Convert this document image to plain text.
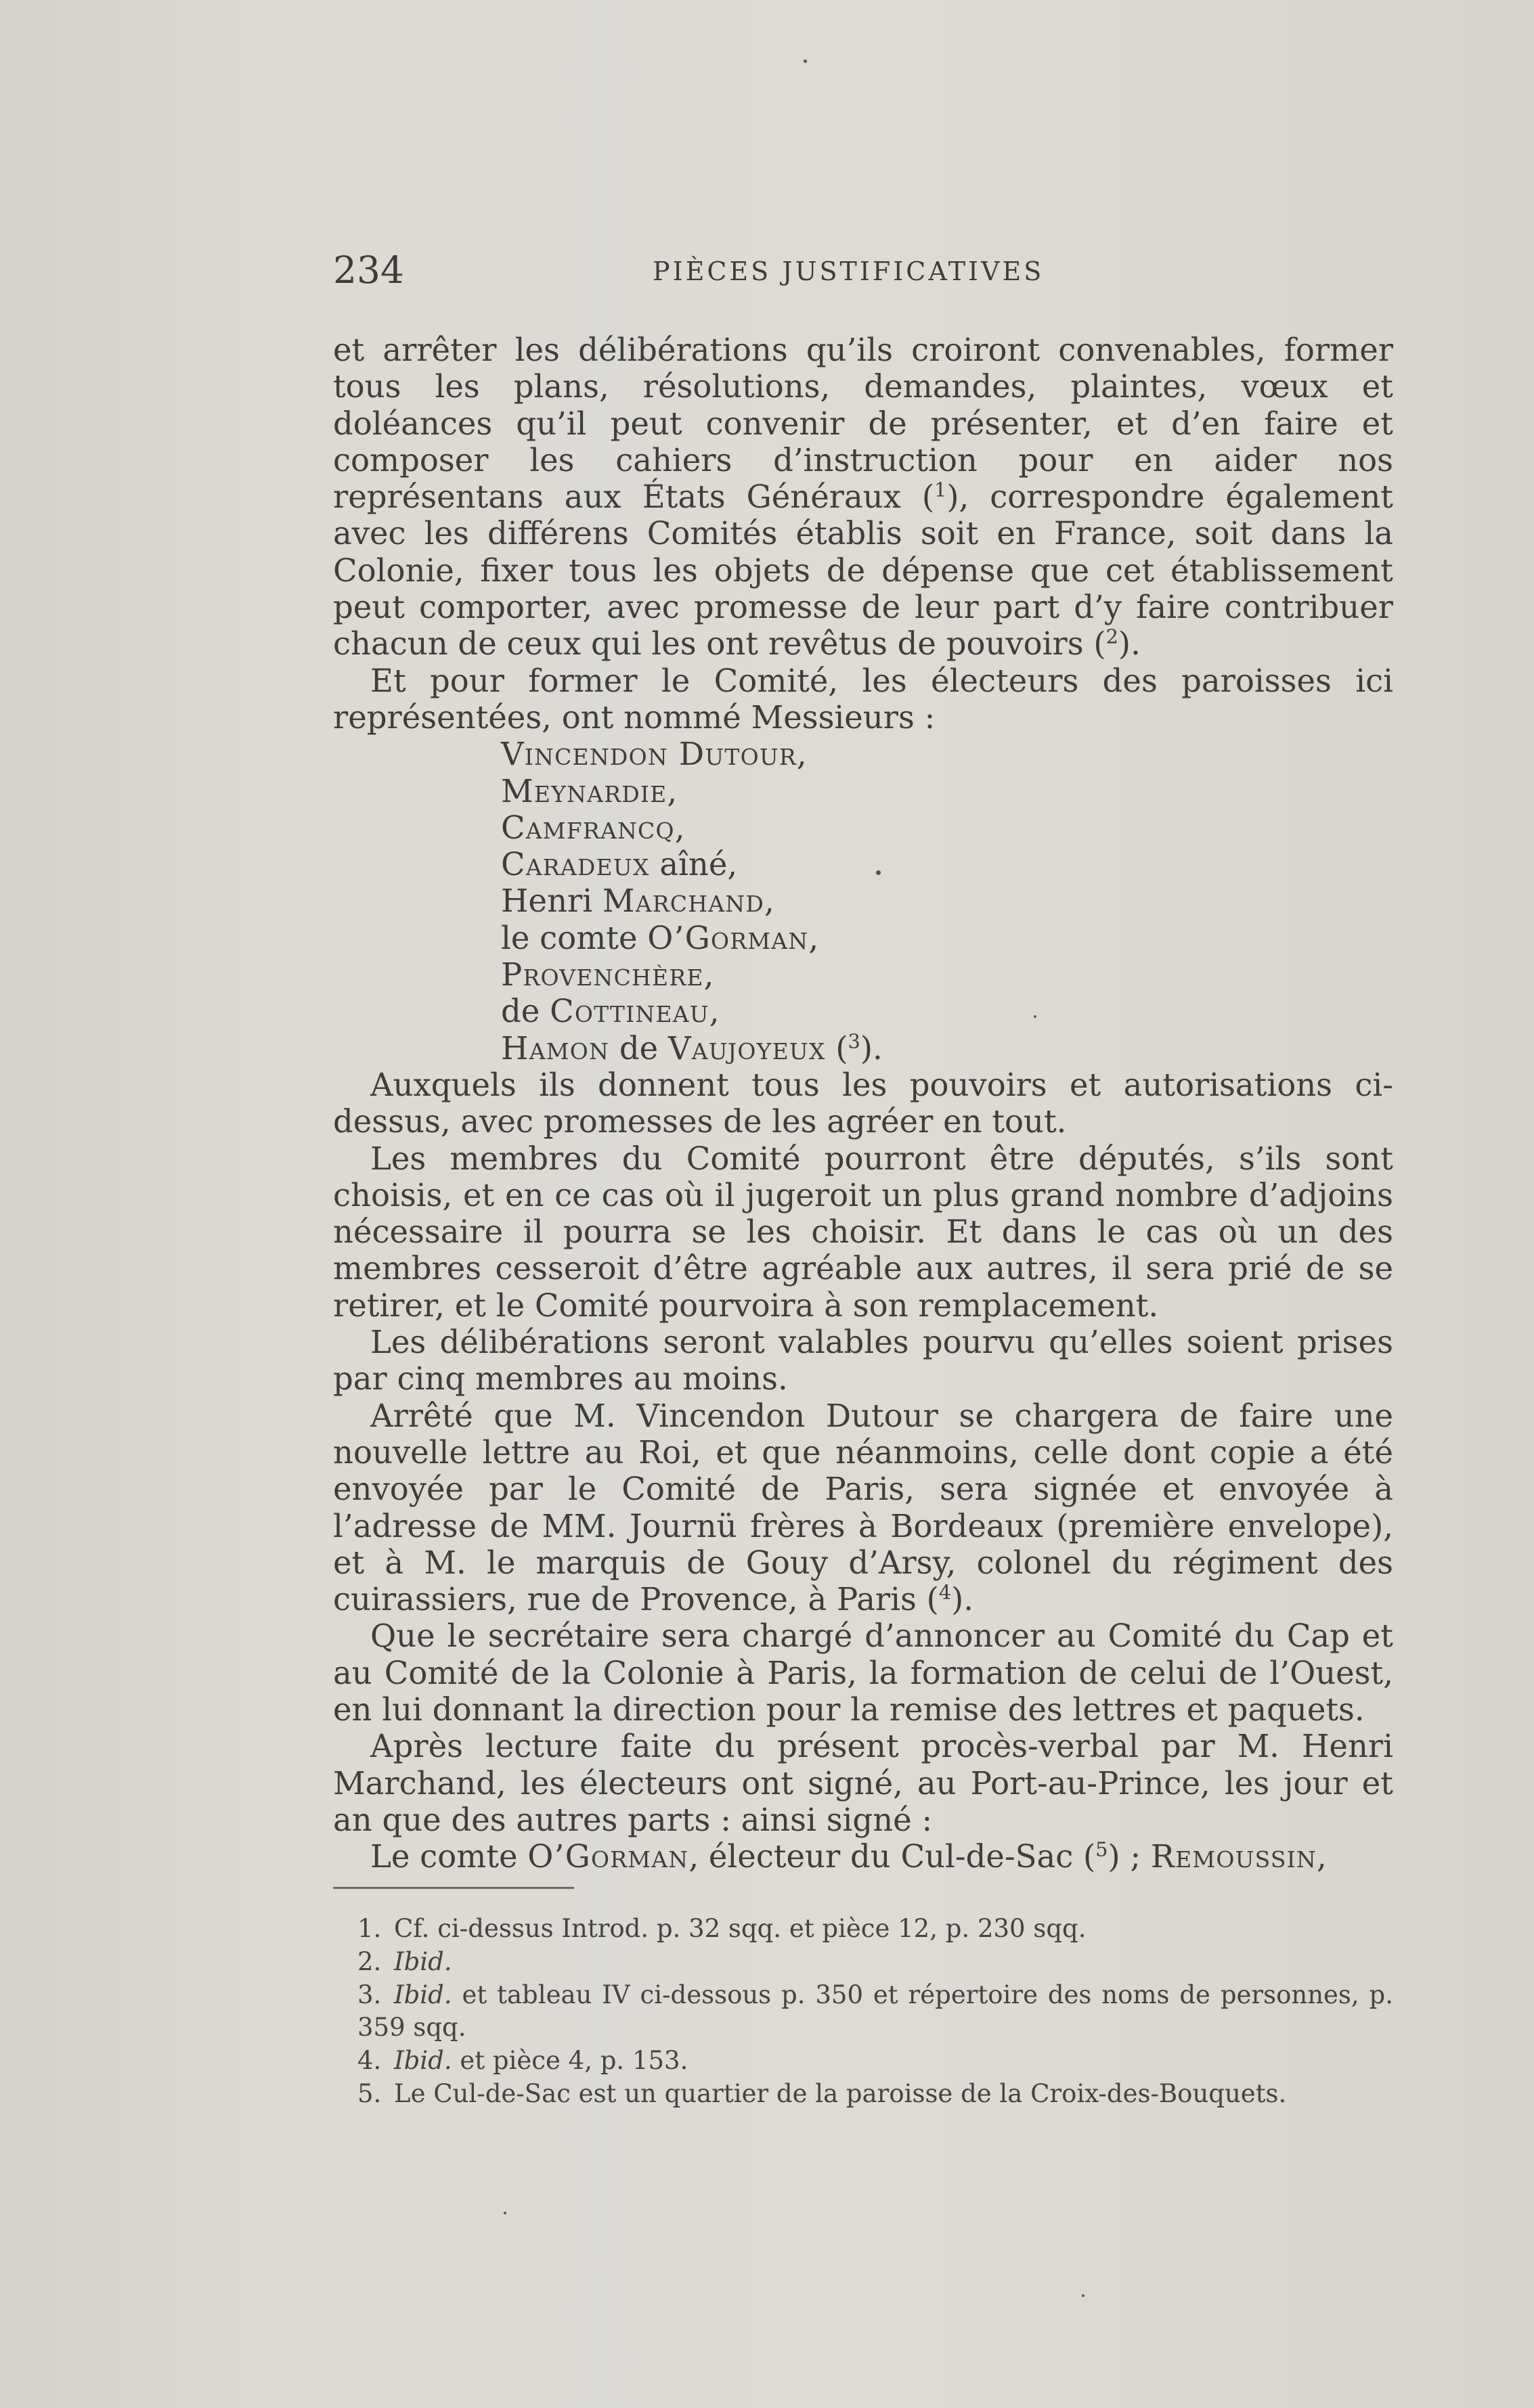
234	PIÈCES JUSTIFICATIVES

et arrêter les délibérations qu’ils croiront convenables, former tous les plans, résolutions, demandes, plaintes, vœux et doléances qu’il peut convenir de présenter, et d’en faire et composer les cahiers d’instruction pour en aider nos représentans aux États Généraux ($^1$), correspondre également avec les différens Comités établis soit en France, soit dans la Colonie, fixer tous les objets de dépense que cet établissement peut comporter, avec promesse de leur part d’y faire contribuer chacun de ceux qui les ont revêtus de pouvoirs ($^2$).

Et pour former le Comité, les électeurs des paroisses ici représentées, ont nommé Messieurs :

Vincendon Dutour,
Meynardie,
Camfrancq,
Caradeux aîné,
Henri Marchand,
le comte O’Gorman,
Provenchère,
de Cottineau,
Hamon de Vaujoyeux ($^3$).

Auxquels ils donnent tous les pouvoirs et autorisations ci-dessus, avec promesses de les agréer en tout.

Les membres du Comité pourront être députés, s’ils sont choisis, et en ce cas où il jugeroit un plus grand nombre d’adjoins nécessaire il pourra se les choisir. Et dans le cas où un des membres cesseroit d’être agréable aux autres, il sera prié de se retirer, et le Comité pourvoira à son remplacement.

Les délibérations seront valables pourvu qu’elles soient prises par cinq membres au moins.

Arrêté que M. Vincendon Dutour se chargera de faire une nouvelle lettre au Roi, et que néanmoins, celle dont copie a été envoyée par le Comité de Paris, sera signée et envoyée à l’adresse de MM. Journü frères à Bordeaux (première envelope), et à M. le marquis de Gouy d’Arsy, colonel du régiment des cuirassiers, rue de Provence, à Paris ($^4$).

Que le secrétaire sera chargé d’annoncer au Comité du Cap et au Comité de la Colonie à Paris, la formation de celui de l’Ouest, en lui donnant la direction pour la remise des lettres et paquets.

Après lecture faite du présent procès-verbal par M. Henri Marchand, les électeurs ont signé, au Port-au-Prince, les jour et an que des autres parts : ainsi signé :

Le comte O’Gorman, électeur du Cul-de-Sac ($^5$) ; Remoussin,

1. Cf. ci-dessus Introd. p. 32 sqq. et pièce 12, p. 230 sqq.

2. Ibid.

3. Ibid. et tableau IV ci-dessous p. 350 et répertoire des noms de personnes, p. 359 sqq.

4. Ibid. et pièce 4, p. 153.

5. Le Cul-de-Sac est un quartier de la paroisse de la Croix-des-Bouquets.
